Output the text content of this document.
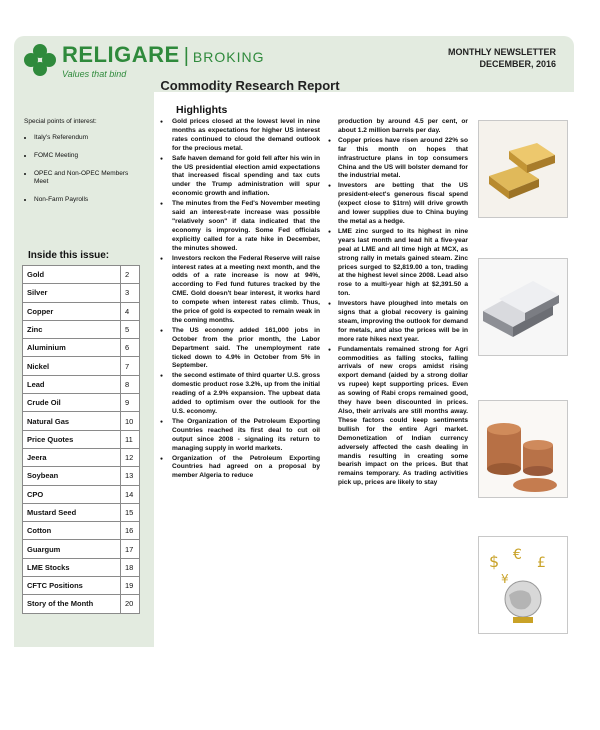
RELIGARE | BROKING
Values that bind
MONTHLY NEWSLETTER
DECEMBER, 2016
Commodity Research Report
Special points of interest:
• Italy's Referendum
• FOMC Meeting
• OPEC and Non-OPEC Members Meet
• Non-Farm Payrolls
Inside this issue:
Gold	2
Silver	3
Copper	4
Zinc	5
Aluminium	6
Nickel	7
Lead	8
Crude Oil	9
Natural Gas	10
Price Quotes	11
Jeera	12
Soybean	13
CPO	14
Mustard Seed	15
Cotton	16
Guargum	17
LME Stocks	18
CFTC Positions	19
Story of the Month	20
Highlights

● Gold prices closed at the lowest level in nine months as expectations for higher US interest rates continued to cloud the demand outlook for the precious metal.

● Safe haven demand for gold fell after his win in the US presidential election amid expectations that increased fiscal spending and tax cuts under the Trump administration will spur economic growth and inflation.

● The minutes from the Fed's November meeting said an interest-rate increase was possible "relatively soon" if data indicated that the economy is improving. Some Fed officials explicitly called for a rate hike in December, the minutes showed.

● Investors reckon the Federal Reserve will raise interest rates at a meeting next month, and the odds of a rate increase is now at 94%, according to Fed fund futures tracked by the CME. Gold doesn't bear interest, it works hard to compete when interest rates climb. Thus, the price of gold is expected to remain weak in the coming months.

● The US economy added 161,000 jobs in October from the prior month, the Labor Department said. The unemployment rate ticked down to 4.9% in October from 5% in September.

● the second estimate of third quarter U.S. gross domestic product rose 3.2%, up from the initial reading of a 2.9% expansion. The upbeat data added to optimism over the outlook for the U.S. economy.

● The Organization of the Petroleum Exporting Countries reached its first deal to cut oil output since 2008 - signaling its return to managing supply in world markets.

● Organization of the Petroleum Exporting Countries had agreed on a proposal by member Algeria to reduce

production by around 4.5 per cent, or about 1.2 million barrels per day.

● Copper prices have risen around 22% so far this month on hopes that infrastructure plans in top consumers China and the US will bolster demand for the industrial metal.

● Investors are betting that the US president-elect's generous fiscal spend (expect close to $1trn) will drive growth and lower supplies due to China buying the metal as a hedge.

● LME zinc surged to its highest in nine years last month and lead hit a five-year peal at LME and all time high at MCX, as strong rally in metals gained steam. Zinc prices surged to $2,819.00 a ton, trading at the highest level since 2008. Lead also rose to a multi-year high at $2,391.50 a ton.

● Investors have ploughed into metals on signs that a global recovery is gaining steam, improving the outlook for demand for metals, and also the prices will be in more rate hikes next year.

● Fundamentals remained strong for Agri commodities as falling stocks, falling arrivals of new crops amidst rising export demand (aided by a strong dollar vs rupee) kept supporting prices. Even as sowing of Rabi crops remained good, they have been discounted in prices. Also, their arrivals are still months away. These factors could keep sentiments bullish for the entire Agri market. Demonetization of Indian currency adversely affected the cash dealing in mandis resulting in creating some bearish impact on the prices. But that remains temporary. As trading activities pick up, prices are likely to stay

$ € £
¥
